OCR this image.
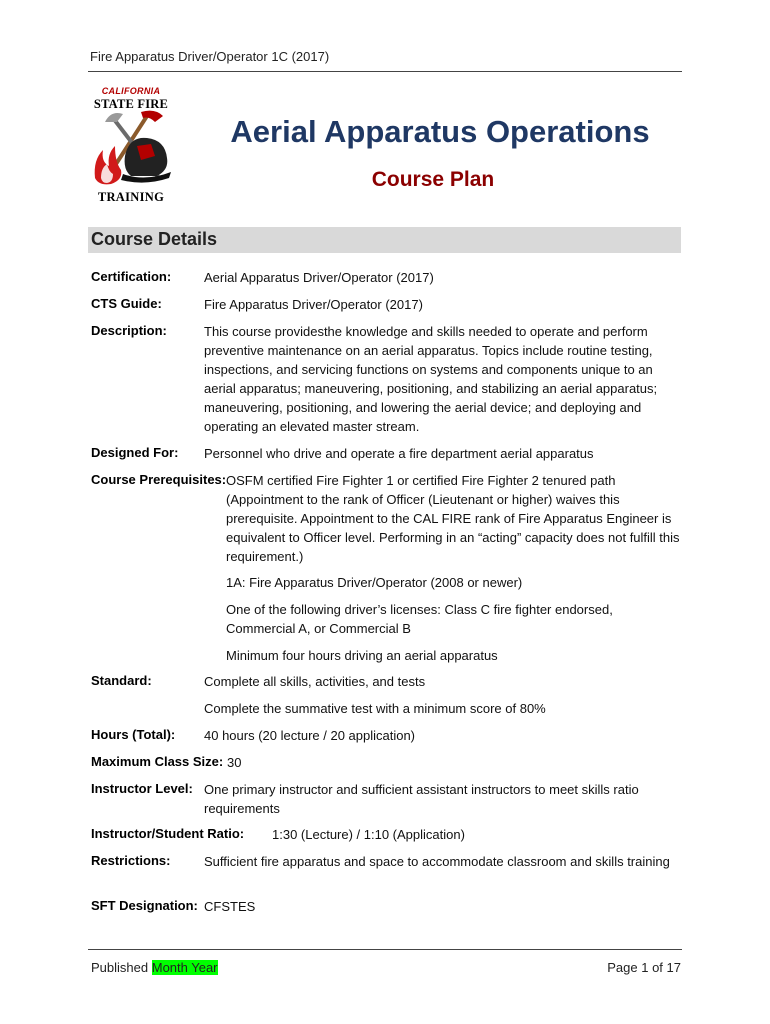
Fire Apparatus Driver/Operator 1C (2017)
CALIFORNIA
STATE FIRE
TRAINING
Aerial Apparatus Operations
Course Plan
Course Details
Certification:	Aerial Apparatus Driver/Operator (2017)
CTS Guide:	Fire Apparatus Driver/Operator (2017)
Description:	This course providesthe knowledge and skills needed to operate and perform preventive maintenance on an aerial apparatus. Topics include routine testing, inspections, and servicing functions on systems and components unique to an aerial apparatus; maneuvering, positioning, and stabilizing an aerial apparatus; maneuvering, positioning, and lowering the aerial device; and deploying and operating an elevated master stream.
Designed For: Personnel who drive and operate a fire department aerial apparatus
Course Prerequisites: OSFM certified Fire Fighter 1 or certified Fire Fighter 2 tenured path (Appointment to the rank of Officer (Lieutenant or higher) waives this prerequisite. Appointment to the CAL FIRE rank of Fire Apparatus Engineer is equivalent to Officer level. Performing in an “acting” capacity does not fulfill this requirement.)
1A: Fire Apparatus Driver/Operator (2008 or newer)
One of the following driver’s licenses: Class C fire fighter endorsed, Commercial A, or Commercial B
Minimum four hours driving an aerial apparatus
Standard:	Complete all skills, activities, and tests
Complete the summative test with a minimum score of 80%
Hours (Total): 40 hours (20 lecture / 20 application)
Maximum Class Size: 30
Instructor Level: One primary instructor and sufficient assistant instructors to meet skills ratio requirements
Instructor/Student Ratio: 1:30 (Lecture) / 1:10 (Application)
Restrictions:	Sufficient fire apparatus and space to accommodate classroom and skills training
SFT Designation: CFSTES
Published Month Year	Page 1 of 17
